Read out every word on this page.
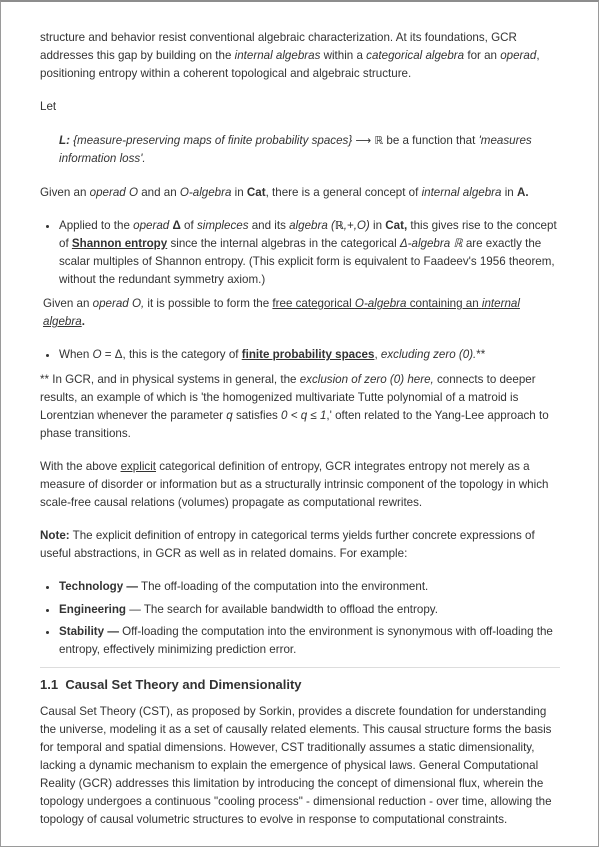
structure and behavior resist conventional algebraic characterization. At its foundations, GCR addresses this gap by building on the internal algebras within a categorical algebra for an operad, positioning entropy within a coherent topological and algebraic structure.

Let

L: {measure-preserving maps of finite probability spaces} ⟶ ℝ be a function that 'measures information loss'.

Given an operad O and an O-algebra in Cat, there is a general concept of internal algebra in A.

• Applied to the operad Δ of simpleces and its algebra (ℝ,+,O) in Cat, this gives rise to the concept of Shannon entropy since the internal algebras in the categorical Δ-algebra ℝ are exactly the scalar multiples of Shannon entropy. (This explicit form is equivalent to Faadeev's 1956 theorem, without the redundant symmetry axiom.)

Given an operad O, it is possible to form the free categorical O-algebra containing an internal algebra.

• When O = Δ, this is the category of finite probability spaces, excluding zero (0).**

** In GCR, and in physical systems in general, the exclusion of zero (0) here, connects to deeper results, an example of which is 'the homogenized multivariate Tutte polynomial of a matroid is Lorentzian whenever the parameter q satisfies 0 < q ≤ 1,' often related to the Yang-Lee approach to phase transitions.

With the above explicit categorical definition of entropy, GCR integrates entropy not merely as a measure of disorder or information but as a structurally intrinsic component of the topology in which scale-free causal relations (volumes) propagate as computational rewrites.

Note: The explicit definition of entropy in categorical terms yields further concrete expressions of useful abstractions, in GCR as well as in related domains. For example:

• Technology — The off-loading of the computation into the environment.
• Engineering — The search for available bandwidth to offload the entropy.
• Stability — Off-loading the computation into the environment is synonymous with off-loading the entropy, effectively minimizing prediction error.
1.1 Causal Set Theory and Dimensionality

Causal Set Theory (CST), as proposed by Sorkin, provides a discrete foundation for understanding the universe, modeling it as a set of causally related elements. This causal structure forms the basis for temporal and spatial dimensions. However, CST traditionally assumes a static dimensionality, lacking a dynamic mechanism to explain the emergence of physical laws. General Computational Reality (GCR) addresses this limitation by introducing the concept of dimensional flux, wherein the topology undergoes a continuous "cooling process" - dimensional reduction - over time, allowing the topology of causal volumetric structures to evolve in response to computational constraints.
